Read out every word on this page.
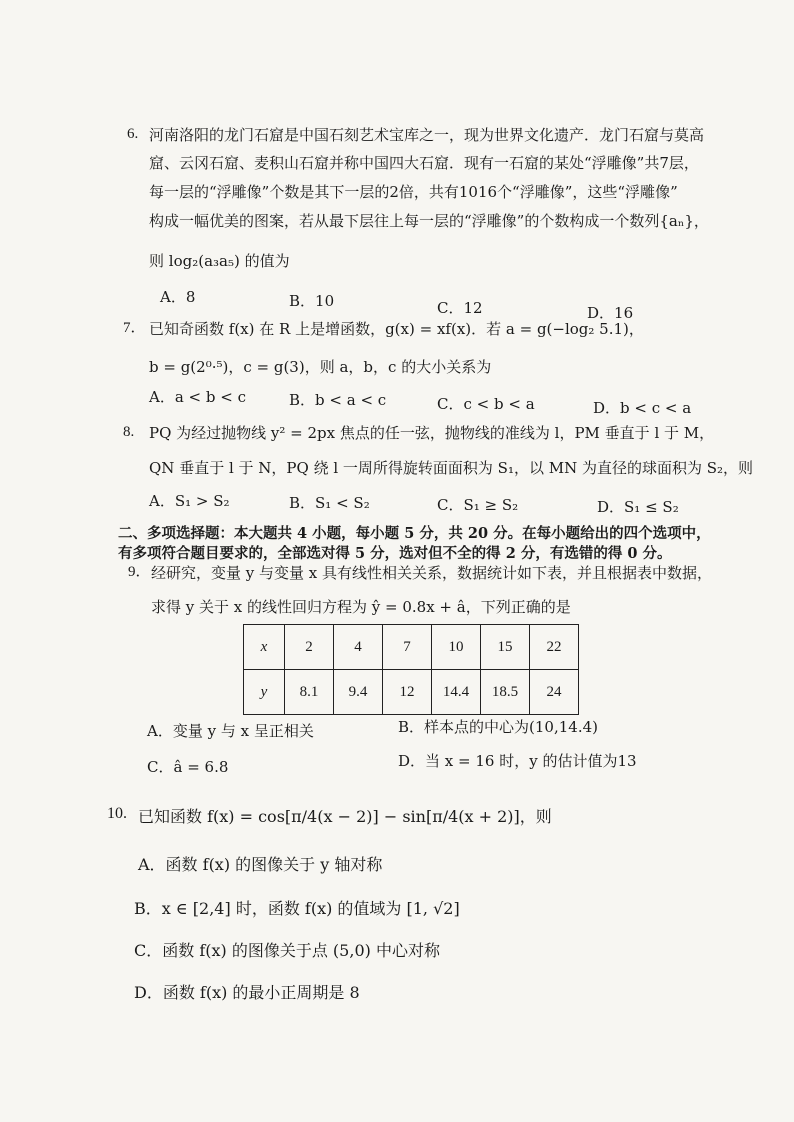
6. 河南洛阳的龙门石窟是中国石刻艺术宝库之一，现为世界文化遗产．龙门石窟与莫高
窟、云冈石窟、麦积山石窟并称中国四大石窟．现有一石窟的某处“浮雕像”共7层，
每一层的“浮雕像”个数是其下一层的2倍，共有1016个“浮雕像”，这些“浮雕像”
构成一幅优美的图案，若从最下层往上每一层的“浮雕像”的个数构成一个数列{aₙ}，
则 log₂(a₃a₅) 的值为
A．8	B．10	C．12	D．16
7． 已知奇函数 f(x) 在 R 上是增函数，g(x) = xf(x)．若 a = g(−log₂ 5.1)，
b = g(2⁰·⁵)，c = g(3)，则 a，b，c 的大小关系为
A．a < b < c	B．b < a < c	C．c < b < a	D．b < c < a
8. PQ 为经过抛物线 y² = 2px 焦点的任一弦，抛物线的准线为 l，PM 垂直于 l 于 M，
QN 垂直于 l 于 N，PQ 绕 l 一周所得旋转面面积为 S₁，以 MN 为直径的球面积为 S₂，则
A．S₁ > S₂	B．S₁ < S₂	C．S₁ ≥ S₂	D．S₁ ≤ S₂
二、多项选择题：本大题共 4 小题，每小题 5 分，共 20 分。在每小题给出的四个选项中，
有多项符合题目要求的，全部选对得 5 分，选对但不全的得 2 分，有选错的得 0 分。
9． 经研究，变量 y 与变量 x 具有线性相关关系，数据统计如下表，并且根据表中数据，
求得 y 关于 x 的线性回归方程为 ŷ = 0.8x + â，下列正确的是
x	2	4	7	10	15	22
y	8.1	9.4	12	14.4	18.5	24
A．变量 y 与 x 呈正相关	B．样本点的中心为(10,14.4)
C．â = 6.8	D．当 x = 16 时，y 的估计值为13
10. 已知函数 f(x) = cos[π/4(x − 2)] − sin[π/4(x + 2)]，则
A．函数 f(x) 的图像关于 y 轴对称
B．x ∈ [2,4] 时，函数 f(x) 的值域为 [1, √2]
C．函数 f(x) 的图像关于点 (5,0) 中心对称
D．函数 f(x) 的最小正周期是 8
